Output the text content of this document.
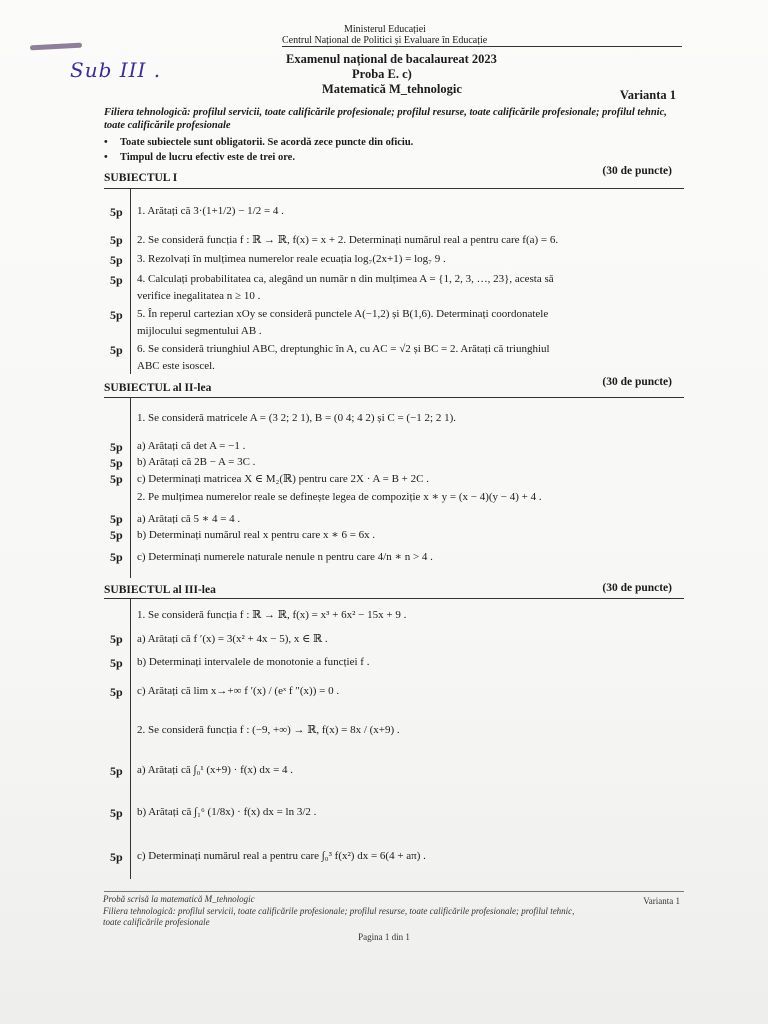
Sub III .
Ministerul Educației
Centrul Național de Politici și Evaluare în Educație
Examenul național de bacalaureat 2023
Proba E. c)
Matematică M_tehnologic	Varianta 1
Filiera tehnologică: profilul servicii, toate calificările profesionale; profilul resurse, toate calificările profesionale; profilul tehnic, toate calificările profesionale
Toate subiectele sunt obligatorii. Se acordă zece puncte din oficiu.
Timpul de lucru efectiv este de trei ore.
SUBIECTUL I
(30 de puncte)
5p 1. Arătați că 3·(1+1/2) − 1/2 = 4 .
5p 2. Se consideră funcția f : ℝ → ℝ, f(x) = x + 2. Determinați numărul real a pentru care f(a) = 6.
5p 3. Rezolvați în mulțimea numerelor reale ecuația log₇(2x+1) = log₇ 9 .
5p 4. Calculați probabilitatea ca, alegând un număr n din mulțimea A = {1, 2, 3, …, 23}, acesta să
verifice inegalitatea n ≥ 10 .
5p 5. În reperul cartezian xOy se consideră punctele A(−1,2) și B(1,6). Determinați coordonatele
mijlocului segmentului AB .
5p 6. Se consideră triunghiul ABC, dreptunghic în A, cu AC = √2 și BC = 2. Arătați că triunghiul
ABC este isoscel.
SUBIECTUL al II-lea	(30 de puncte)
1. Se consideră matricele A = (3 2; 2 1), B = (0 4; 4 2) și C = (−1 2; 2 1).
5p a) Arătați că det A = −1 .
5p b) Arătați că 2B − A = 3C .
5p c) Determinați matricea X ∈ M₂(ℝ) pentru care 2X · A = B + 2C .
2. Pe mulțimea numerelor reale se definește legea de compoziție x ∗ y = (x − 4)(y − 4) + 4 .
5p a) Arătați că 5 ∗ 4 = 4 .
5p b) Determinați numărul real x pentru care x ∗ 6 = 6x .
5p c) Determinați numerele naturale nenule n pentru care 4/n ∗ n > 4 .
SUBIECTUL al III-lea	(30 de puncte)
1. Se consideră funcția f : ℝ → ℝ, f(x) = x³ + 6x² − 15x + 9 .
5p a) Arătați că f ′(x) = 3(x² + 4x − 5), x ∈ ℝ .
5p b) Determinați intervalele de monotonie a funcției f .
5p c) Arătați că lim x→+∞ f ′(x) / (eˣ f ″(x)) = 0 .
2. Se consideră funcția f : (−9, +∞) → ℝ, f(x) = 8x / (x+9) .
5p a) Arătați că ∫₀¹ (x+9) · f(x) dx = 4 .
5p b) Arătați că ∫₁⁶ (1/8x) · f(x) dx = ln 3/2 .
5p c) Determinați numărul real a pentru care ∫₀³ f(x²) dx = 6(4 + aπ) .
Probă scrisă la matematică M_tehnologic	Varianta 1
Filiera tehnologică: profilul servicii, toate calificările profesionale; profilul resurse, toate calificările profesionale; profilul tehnic,
toate calificările profesionale
Pagina 1 din 1
